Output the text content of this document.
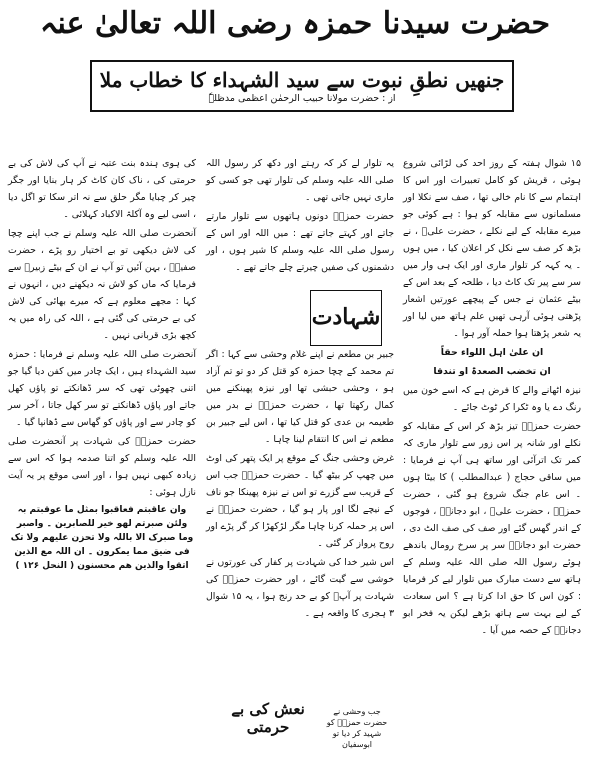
حضرت سیدنا حمزہ رضی اللہ تعالیٰ عنہ
جنھیں نطقِ نبوت سے سید الشہداء کا خطاب ملا
از : حضرت مولانا حبیب الرحمٰن اعظمی مدظلہٗ

۱۵ شوال ہفتہ کے روز احد کی لڑائی شروع ہوئی ، قریش کو کامل تعبیرات اور اس کا اہتمام سے کا نام خالی تھا ، صف سے نکلا اور مسلمانوں سے مقابلہ کو ہوا : ہے کوئی جو میرے مقابلہ کے لیے نکلے ، حضرت علیؓ ، نے بڑھ کر صف سے نکل کر اعلان کیا ، میں ہوں ۔ یہ کہہ کر تلوار ماری اور ایک ہی وار میں سر سے پیر تک کاٹ دیا ، طلحہ کے بعد اس کے بیٹے عثمان نے جس کے پیچھے عورتیں اشعار پڑھتی ہوئی آرہی تھیں علم ہاتھ میں لیا اور یہ شعر پڑھتا ہوا حملہ آور ہوا ۔

ان علیٰ اہل اللواء حقاً

ان تخضب الصعدۃ او تندقا

نیزہ اٹھانے والے کا فرض ہے کہ اسے خون میں رنگ دے یا وہ ٹکرا کر ٹوٹ جائے ۔

حضرت حمزہؓ تیز بڑھ کر اس کے مقابلہ کو نکلے اور شانہ پر اس زور سے تلوار ماری کہ کمر تک اترآئی اور ساتھ ہی آپ نے فرمایا : میں ساقی حجاج ( عبدالمطلب ) کا بیٹا ہوں ۔ اس عام جنگ شروع ہو گئی ، حضرت حمزہؓ ، حضرت علیؓ ، ابو دجانہؓ ، فوجوں کے اندر گھس گئے اور صف کی صف الٹ دی ، حضرت ابو دجانہؓ سر پر سرخ رومال باندھے ہوئے رسول اللہ صلی اللہ علیہ وسلم کے ہاتھ سے دست مبارک میں تلوار لیے کر فرمایا : کون اس کا حق ادا کرتا ہے ؟ اس سعادت کے لیے بہت سے ہاتھ بڑھے لیکن یہ فخر ابو دجانہؓ کے حصہ میں آیا ۔

شہادت

یہ تلوار لے کر کہ رہتے اور دکھ کر رسول اللہ صلی اللہ علیہ وسلم کی تلوار تھی جو کسی کو ماری نہیں جاتی تھی ۔

حضرت حمزہؓ دونوں ہاتھوں سے تلوار مارتے جاتے اور کہتے جاتے تھے : میں اللہ اور اس کے رسول صلی اللہ علیہ وسلم کا شیر ہوں ، اور دشمنوں کی صفیں چیرتے چلے جاتے تھے ۔

جبیر بن مطعم نے اپنے غلام وحشی سے کہا : اگر تم محمد کے چچا حمزہ کو قتل کر دو تو تم آزاد ہو ، وحشی حبشی تھا اور نیزہ پھینکنے میں کمال رکھتا تھا ، حضرت حمزہؓ نے بدر میں طعیمہ بن عدی کو قتل کیا تھا ، اس لیے جبیر بن مطعم نے اس کا انتقام لینا چاہا ۔

غرض وحشی جنگ کے موقع پر ایک پتھر کی اوٹ میں چھپ کر بیٹھ گیا ۔ حضرت حمزہؓ جب اس کے قریب سے گزرے تو اس نے نیزہ پھینکا جو ناف کے نیچے لگا اور پار ہو گیا ، حضرت حمزہؓ نے اس پر حملہ کرنا چاہا مگر لڑکھڑا کر گر پڑے اور روح پرواز کر گئی ۔

اس شیر خدا کی شہادت پر کفار کی عورتوں نے خوشی سے گیت گائے ، اور حضرت حمزہؓ کی شہادت پر آپؐ کو بے حد رنج ہوا ، یہ ۱۵ شوال ۳ ہجری کا واقعہ ہے ۔

کی ہوی ہندہ بنت عتبہ نے آپ کی لاش کی بے حرمتی کی ، ناک کان کاٹ کر ہار بنایا اور جگر چیر کر چبایا مگر حلق سے نہ اتر سکا تو اگل دیا ، اسی لیے وہ آکلۃ الاکباد کہلائی ۔

آنحضرت صلی اللہ علیہ وسلم نے جب اپنے چچا کی لاش دیکھی تو بے اختیار رو پڑے ، حضرت صفیہؓ ، بہن آئیں تو آپ نے ان کے بیٹے زبیرؓ سے فرمایا کہ ماں کو لاش نہ دیکھنے دیں ، انہوں نے کہا : مجھے معلوم ہے کہ میرے بھائی کی لاش کی بے حرمتی کی گئی ہے ، اللہ کی راہ میں یہ کچھ بڑی قربانی نہیں ۔

آنحضرت صلی اللہ علیہ وسلم نے فرمایا : حمزہ سید الشہداء ہیں ، ایک چادر میں کفن دیا گیا جو اتنی چھوٹی تھی کہ سر ڈھانکتے تو پاؤں کھل جاتے اور پاؤں ڈھانکتے تو سر کھل جاتا ، آخر سر کو چادر سے اور پاؤں کو گھاس سے ڈھانپا گیا ۔

حضرت حمزہؓ کی شہادت پر آنحضرت صلی اللہ علیہ وسلم کو اتنا صدمہ ہوا کہ اس سے زیادہ کبھی نہیں ہوا ، اور اسی موقع پر یہ آیت نازل ہوئی :

وان عاقبتم فعاقبوا بمثل ما عوقبتم بہ ولئن صبرتم لھو خیر للصابرین ۔ واصبر وما صبرک الا باللہ ولا تحزن علیھم ولا تک فی ضیق مما یمکرون ۔ ان اللہ مع الذین اتقوا والذین ھم محسنون ( النحل ۱۲۶ )

نعش کی بے حرمتی
جب وحشی نے حضرت حمزہؓ کو شہید کر دیا تو ابوسفیان
